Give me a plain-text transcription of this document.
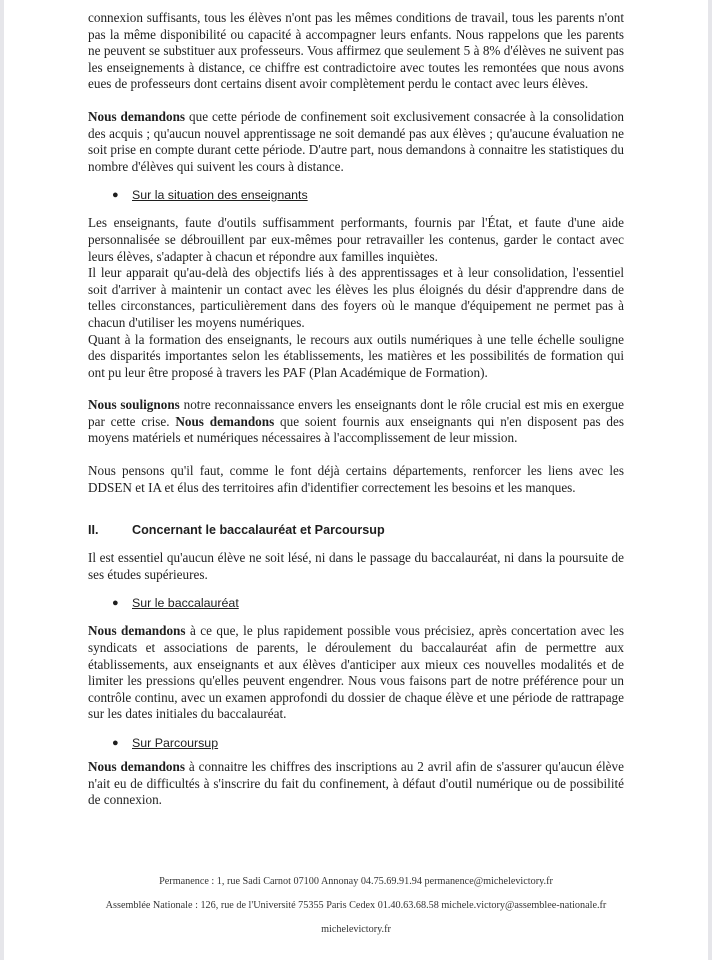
connexion suffisants, tous les élèves n'ont pas les mêmes conditions de travail, tous les parents n'ont pas la même disponibilité ou capacité à accompagner leurs enfants. Nous rappelons que les parents ne peuvent se substituer aux professeurs. Vous affirmez que seulement 5 à 8% d'élèves ne suivent pas les enseignements à distance, ce chiffre est contradictoire avec toutes les remontées que nous avons eues de professeurs dont certains disent avoir complètement perdu le contact avec leurs élèves.

Nous demandons que cette période de confinement soit exclusivement consacrée à la consolidation des acquis ; qu'aucun nouvel apprentissage ne soit demandé pas aux élèves ; qu'aucune évaluation ne soit prise en compte durant cette période. D'autre part, nous demandons à connaitre les statistiques du nombre d'élèves qui suivent les cours à distance.

●	Sur la situation des enseignants

Les enseignants, faute d'outils suffisamment performants, fournis par l'État, et faute d'une aide personnalisée se débrouillent par eux-mêmes pour retravailler les contenus, garder le contact avec leurs élèves, s'adapter à chacun et répondre aux familles inquiètes.

Il leur apparait qu'au-delà des objectifs liés à des apprentissages et à leur consolidation, l'essentiel soit d'arriver à maintenir un contact avec les élèves les plus éloignés du désir d'apprendre dans de telles circonstances, particulièrement dans des foyers où le manque d'équipement ne permet pas à chacun d'utiliser les moyens numériques.

Quant à la formation des enseignants, le recours aux outils numériques à une telle échelle souligne des disparités importantes selon les établissements, les matières et les possibilités de formation qui ont pu leur être proposé à travers les PAF (Plan Académique de Formation).

Nous soulignons notre reconnaissance envers les enseignants dont le rôle crucial est mis en exergue par cette crise. Nous demandons que soient fournis aux enseignants qui n'en disposent pas des moyens matériels et numériques nécessaires à l'accomplissement de leur mission.

Nous pensons qu'il faut, comme le font déjà certains départements, renforcer les liens avec les DDSEN et IA et élus des territoires afin d'identifier correctement les besoins et les manques.

II.	Concernant le baccalauréat et Parcoursup

Il est essentiel qu'aucun élève ne soit lésé, ni dans le passage du baccalauréat, ni dans la poursuite de ses études supérieures.

●	Sur le baccalauréat

Nous demandons à ce que, le plus rapidement possible vous précisiez, après concertation avec les syndicats et associations de parents, le déroulement du baccalauréat afin de permettre aux établissements, aux enseignants et aux élèves d'anticiper aux mieux ces nouvelles modalités et de limiter les pressions qu'elles peuvent engendrer. Nous vous faisons part de notre préférence pour un contrôle continu, avec un examen approfondi du dossier de chaque élève et une période de rattrapage sur les dates initiales du baccalauréat.

●	Sur Parcoursup

Nous demandons à connaitre les chiffres des inscriptions au 2 avril afin de s'assurer qu'aucun élève n'ait eu de difficultés à s'inscrire du fait du confinement, à défaut d'outil numérique ou de possibilité de connexion.

Permanence : 1, rue Sadi Carnot 07100 Annonay 04.75.69.91.94 permanence@michelevictory.fr
Assemblée Nationale : 126, rue de l'Université 75355 Paris Cedex 01.40.63.68.58 michele.victory@assemblee-nationale.fr
michelevictory.fr
